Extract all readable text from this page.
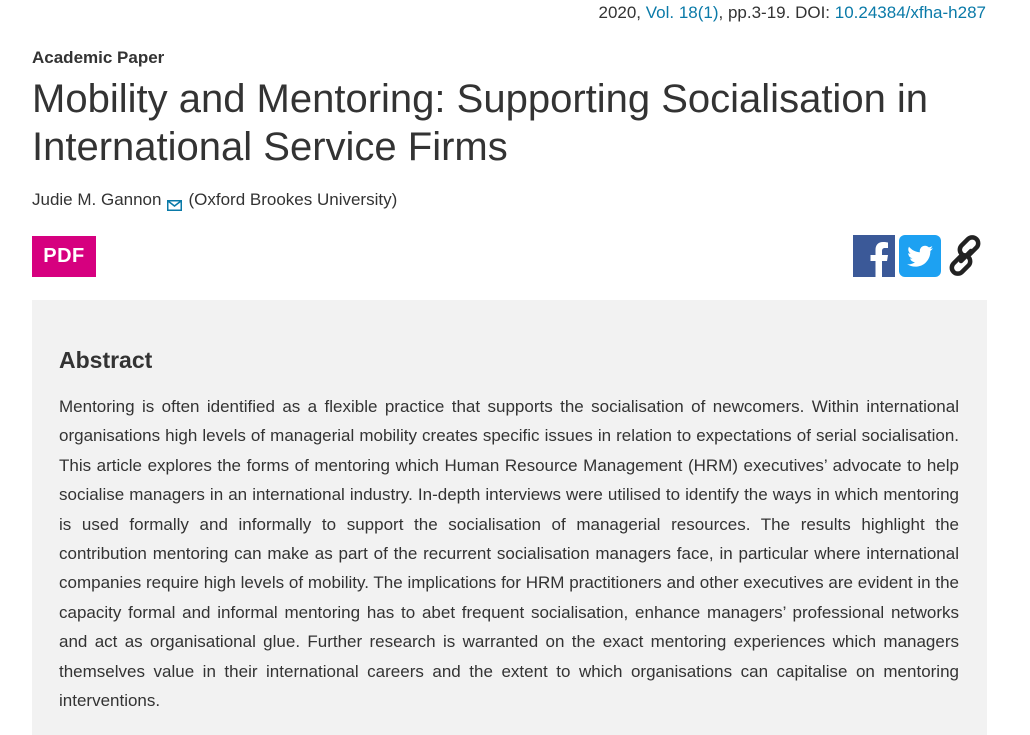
2020, Vol. 18(1), pp.3-19. DOI: 10.24384/xfha-h287
Academic Paper
Mobility and Mentoring: Supporting Socialisation in International Service Firms
Judie M. Gannon (Oxford Brookes University)
PDF
Abstract

Mentoring is often identified as a flexible practice that supports the socialisation of newcomers. Within international organisations high levels of managerial mobility creates specific issues in relation to expectations of serial socialisation. This article explores the forms of mentoring which Human Resource Management (HRM) executives’ advocate to help socialise managers in an international industry. In-depth interviews were utilised to identify the ways in which mentoring is used formally and informally to support the socialisation of managerial resources. The results highlight the contribution mentoring can make as part of the recurrent socialisation managers face, in particular where international companies require high levels of mobility. The implications for HRM practitioners and other executives are evident in the capacity formal and informal mentoring has to abet frequent socialisation, enhance managers’ professional networks and act as organisational glue. Further research is warranted on the exact mentoring experiences which managers themselves value in their international careers and the extent to which organisations can capitalise on mentoring interventions.
